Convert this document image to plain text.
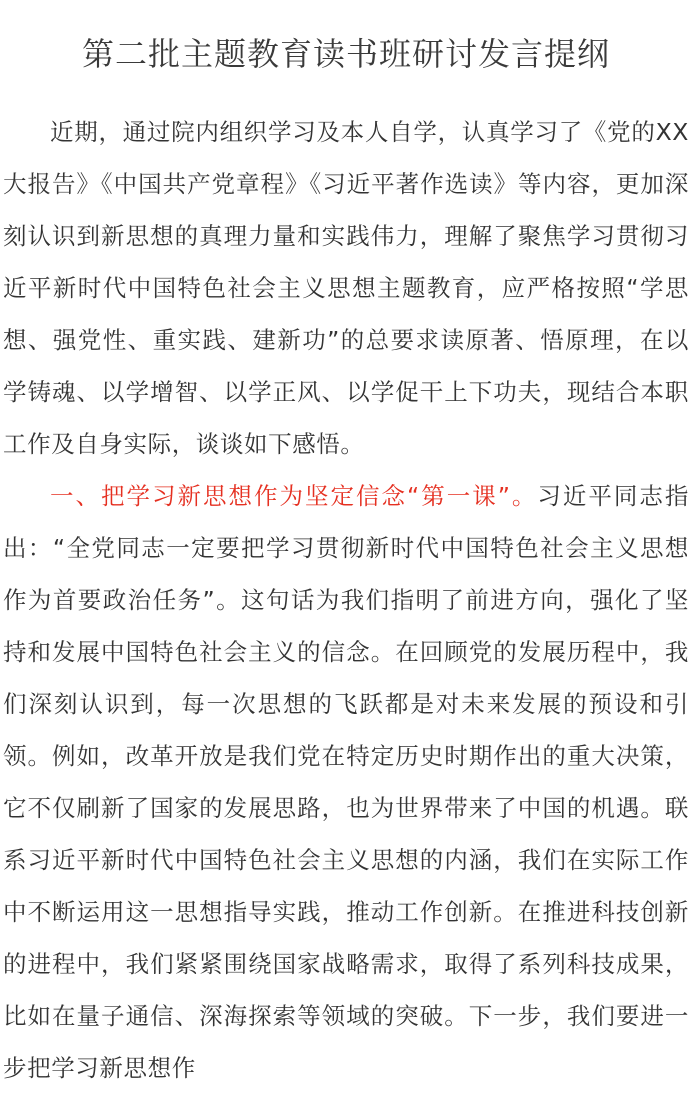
第二批主题教育读书班研讨发言提纲

近期，通过院内组织学习及本人自学，认真学习了《党的XX大报告》《中国共产党章程》《习近平著作选读》等内容，更加深刻认识到新思想的真理力量和实践伟力，理解了聚焦学习贯彻习近平新时代中国特色社会主义思想主题教育，应严格按照“学思想、强党性、重实践、建新功”的总要求读原著、悟原理，在以学铸魂、以学增智、以学正风、以学促干上下功夫，现结合本职工作及自身实际，谈谈如下感悟。

一、把学习新思想作为坚定信念“第一课”。习近平同志指出：“全党同志一定要把学习贯彻新时代中国特色社会主义思想作为首要政治任务”。这句话为我们指明了前进方向，强化了坚持和发展中国特色社会主义的信念。在回顾党的发展历程中，我们深刻认识到，每一次思想的飞跃都是对未来发展的预设和引领。例如，改革开放是我们党在特定历史时期作出的重大决策，它不仅刷新了国家的发展思路，也为世界带来了中国的机遇。联系习近平新时代中国特色社会主义思想的内涵，我们在实际工作中不断运用这一思想指导实践，推动工作创新。在推进科技创新的进程中，我们紧紧围绕国家战略需求，取得了系列科技成果，比如在量子通信、深海探索等领域的突破。下一步，我们要进一步把学习新思想作
